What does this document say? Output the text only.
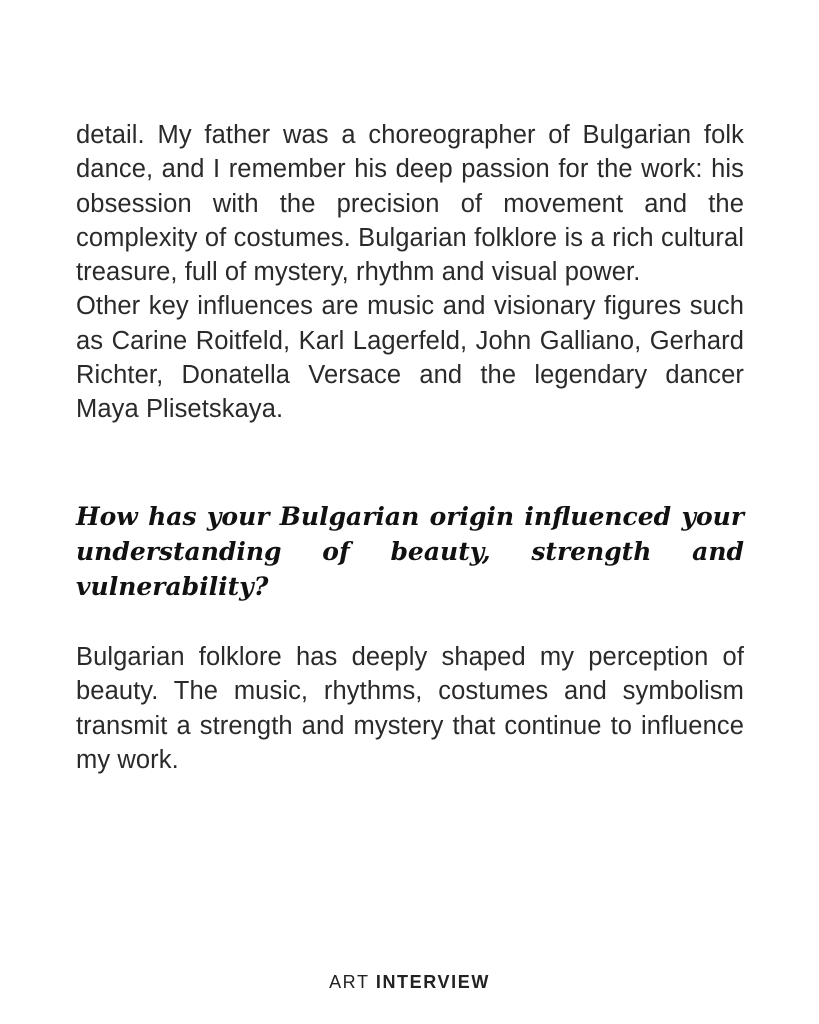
detail. My father was a choreographer of Bulgarian folk dance, and I remember his deep passion for the work: his obsession with the precision of movement and the complexity of costumes. Bulgarian folklore is a rich cultural treasure, full of mystery, rhythm and visual power.

Other key influences are music and visionary figures such as Carine Roitfeld, Karl Lagerfeld, John Galliano, Gerhard Richter, Donatella Versace and the legendary dancer Maya Plisetskaya.

How has your Bulgarian origin influenced your understanding of beauty, strength and vulnerability?

Bulgarian folklore has deeply shaped my perception of beauty. The music, rhythms, costumes and symbolism transmit a strength and mystery that continue to influence my work.

ART INTERVIEW
